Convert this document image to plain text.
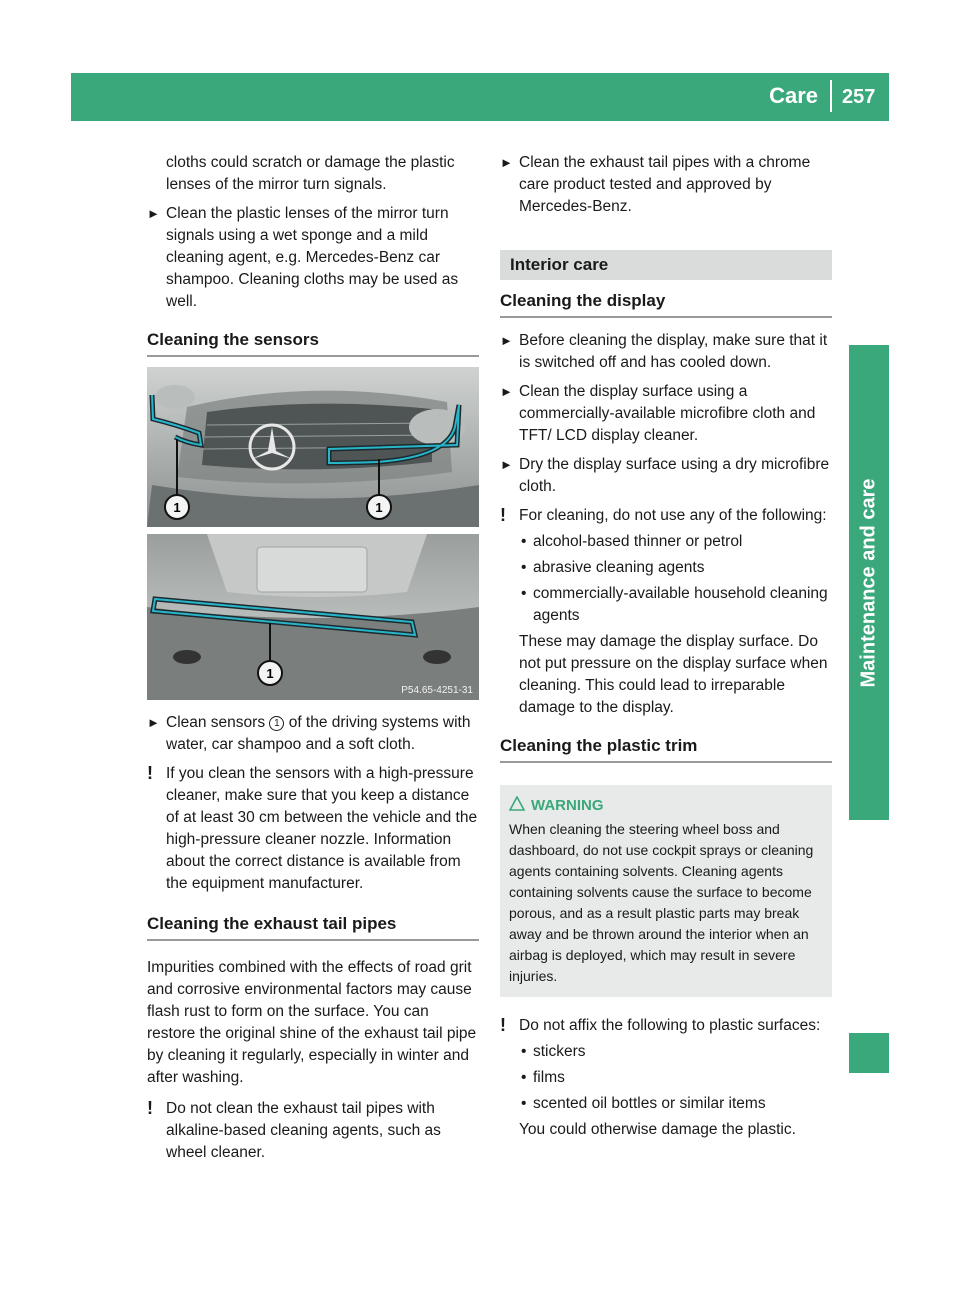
Care	257
Maintenance and care

cloths could scratch or damage the plastic lenses of the mirror turn signals.

► Clean the plastic lenses of the mirror turn signals using a wet sponge and a mild cleaning agent, e.g. Mercedes-Benz car shampoo. Cleaning cloths may be used as well.
Cleaning the sensors
1	1
1
P54.65-4251-31
► Clean sensors 1 of the driving systems with water, car shampoo and a soft cloth.
! If you clean the sensors with a high-pressure cleaner, make sure that you keep a distance of at least 30 cm between the vehicle and the high-pressure cleaner nozzle. Information about the correct distance is available from the equipment manufacturer.
Cleaning the exhaust tail pipes

Impurities combined with the effects of road grit and corrosive environmental factors may cause flash rust to form on the surface. You can restore the original shine of the exhaust tail pipe by cleaning it regularly, especially in winter and after washing.

! Do not clean the exhaust tail pipes with alkaline-based cleaning agents, such as wheel cleaner.
► Clean the exhaust tail pipes with a chrome care product tested and approved by Mercedes-Benz.
Interior care
Cleaning the display
► Before cleaning the display, make sure that it is switched off and has cooled down.
► Clean the display surface using a commercially-available microfibre cloth and TFT/ LCD display cleaner.
► Dry the display surface using a dry microfibre cloth.
! For cleaning, do not use any of the following:
• alcohol-based thinner or petrol
• abrasive cleaning agents
• commercially-available household cleaning agents

These may damage the display surface. Do not put pressure on the display surface when cleaning. This could lead to irreparable damage to the display.

Cleaning the plastic trim
WARNING

When cleaning the steering wheel boss and dashboard, do not use cockpit sprays or cleaning agents containing solvents. Cleaning agents containing solvents cause the surface to become porous, and as a result plastic parts may break away and be thrown around the interior when an airbag is deployed, which may result in severe injuries.

! Do not affix the following to plastic surfaces:
• stickers
• films
• scented oil bottles or similar items

You could otherwise damage the plastic.
